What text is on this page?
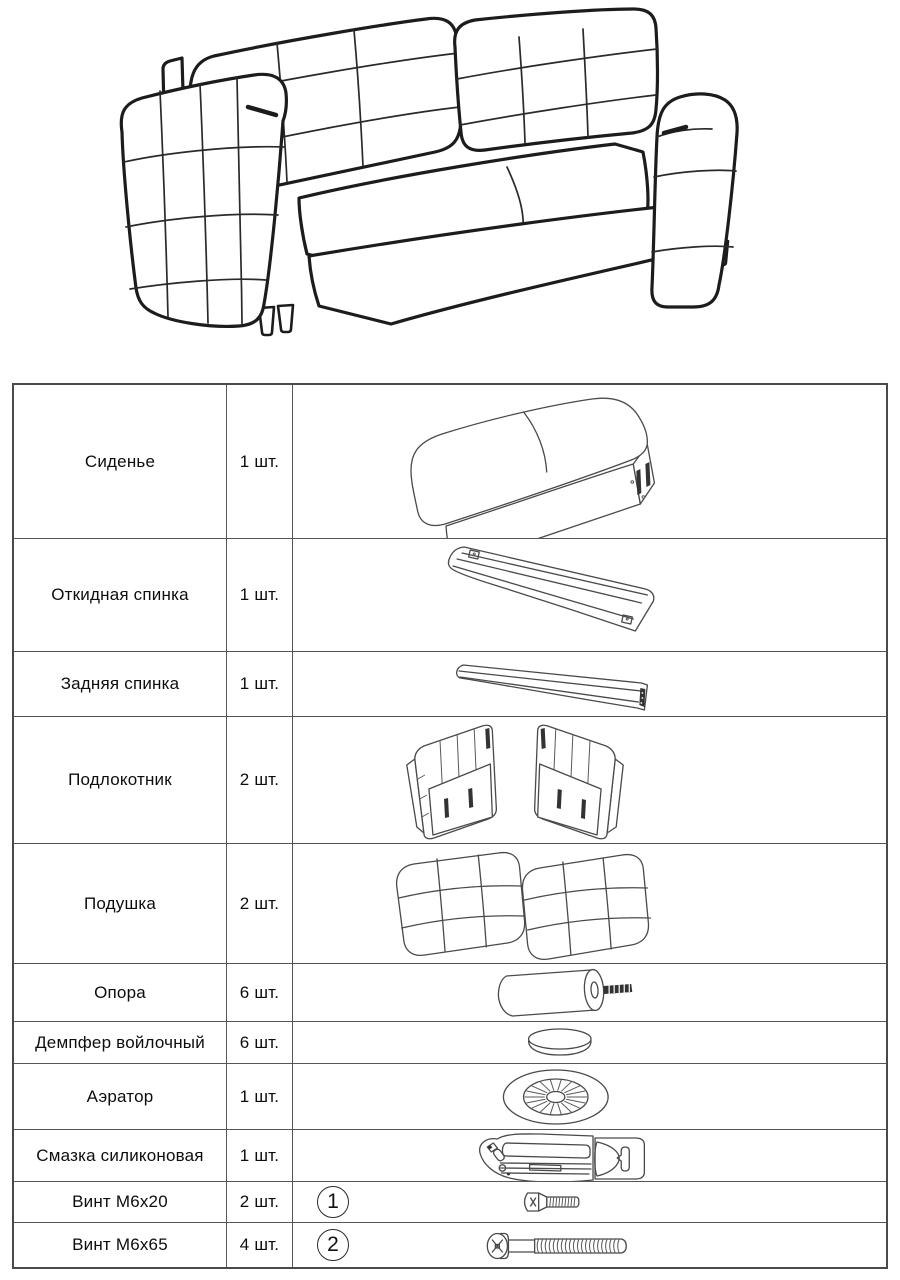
Сиденье	1 шт.
Откидная спинка	1 шт.
Задняя спинка	1 шт.
Подлокотник	2 шт.
Подушка	2 шт.
Опора	6 шт.
Демпфер войлочный	6 шт.
Аэратор	1 шт.
Смазка силиконовая	1 шт.
Винт М6х20	2 шт.	1
Винт М6х65	4 шт.	2
